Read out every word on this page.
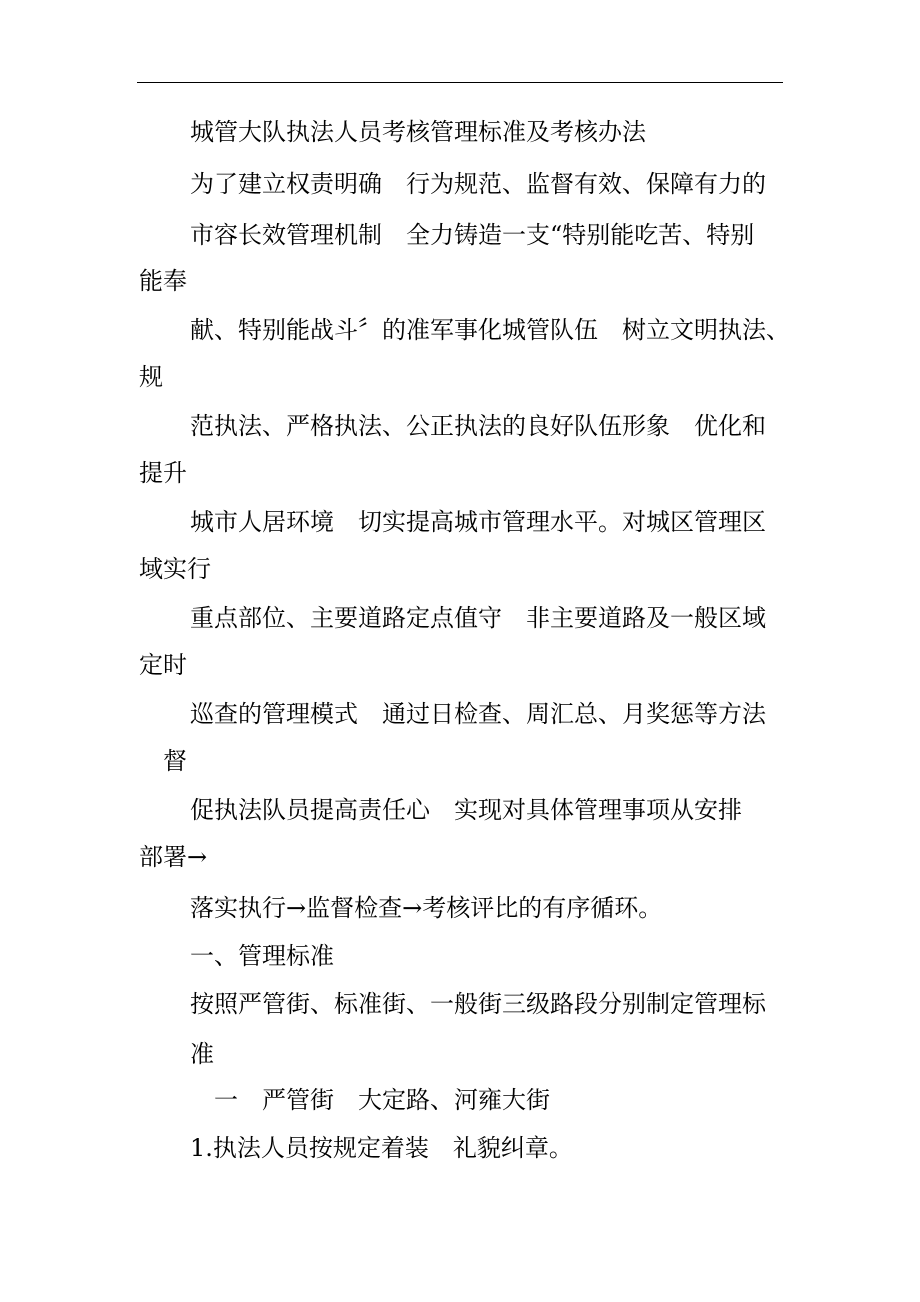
城管大队执法人员考核管理标准及考核办法
为了建立权责明确　行为规范、监督有效、保障有力的
市容长效管理机制　全力铸造一支“特别能吃苦、特别
能奉
献、特别能战斗〞的准军事化城管队伍　树立文明执法、
规
范执法、严格执法、公正执法的良好队伍形象　优化和
提升
城市人居环境　切实提高城市管理水平。对城区管理区
域实行
重点部位、主要道路定点值守　非主要道路及一般区域
定时
巡查的管理模式　通过日检查、周汇总、月奖惩等方法
督
促执法队员提高责任心　实现对具体管理事项从安排
部署→
落实执行→监督检查→考核评比的有序循环。
一、管理标准
按照严管街、标准街、一般街三级路段分别制定管理标
准
一　严管街　大定路、河雍大街
1.执法人员按规定着装　礼貌纠章。
